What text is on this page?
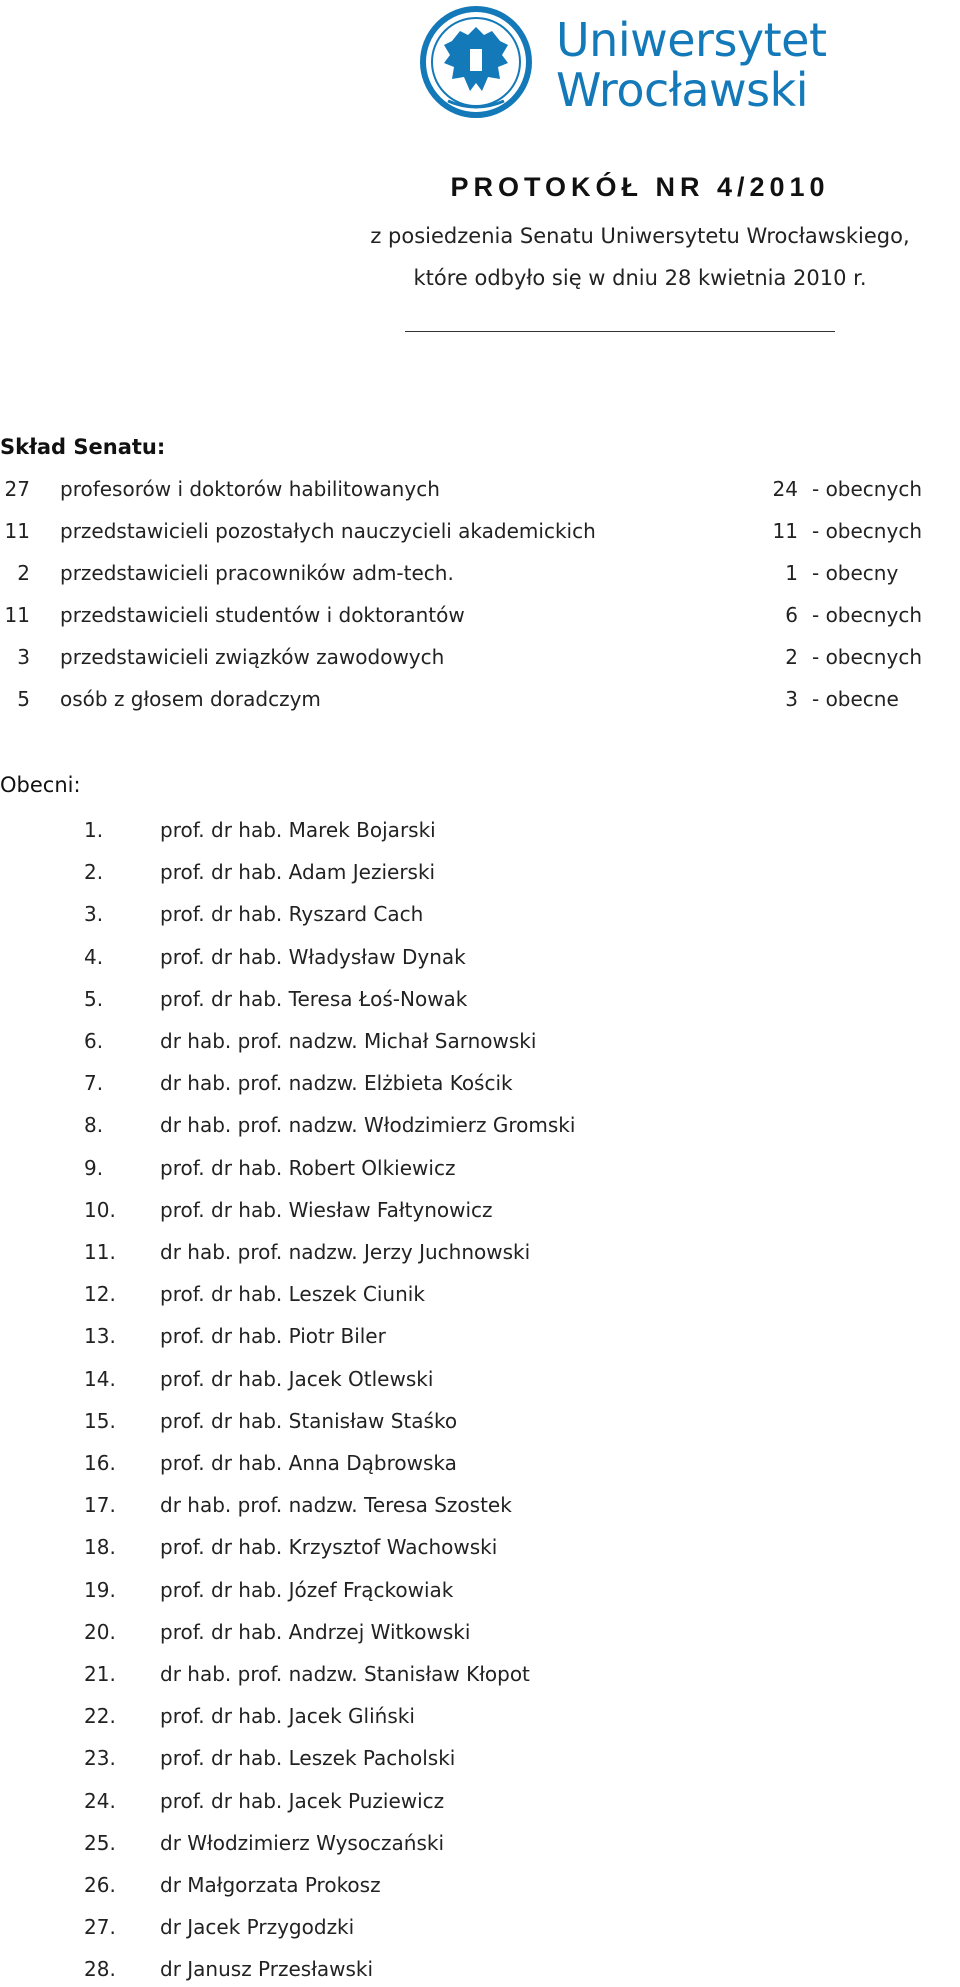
Uniwersytet
Wrocławski
PROTOKÓŁ NR 4/2010
z posiedzenia Senatu Uniwersytetu Wrocławskiego,
które odbyło się w dniu 28 kwietnia 2010 r.
Skład Senatu:
27 profesorów i doktorów habilitowanych	24 - obecnych
11 przedstawicieli pozostałych nauczycieli akademickich	11 - obecnych
2 przedstawicieli pracowników adm-tech.	1 - obecny
11 przedstawicieli studentów i doktorantów	6 - obecnych
3 przedstawicieli związków zawodowych	2 - obecnych
5 osób z głosem doradczym	3 - obecne
Obecni:
1.	prof. dr hab. Marek Bojarski
2.	prof. dr hab. Adam Jezierski
3.	prof. dr hab. Ryszard Cach
4.	prof. dr hab. Władysław Dynak
5.	prof. dr hab. Teresa Łoś-Nowak
6.	dr hab. prof. nadzw. Michał Sarnowski
7.	dr hab. prof. nadzw. Elżbieta Kościk
8.	dr hab. prof. nadzw. Włodzimierz Gromski
9.	prof. dr hab. Robert Olkiewicz
10.	prof. dr hab. Wiesław Fałtynowicz
11.	dr hab. prof. nadzw. Jerzy Juchnowski
12.	prof. dr hab. Leszek Ciunik
13.	prof. dr hab. Piotr Biler
14.	prof. dr hab. Jacek Otlewski
15.	prof. dr hab. Stanisław Staśko
16.	prof. dr hab. Anna Dąbrowska
17.	dr hab. prof. nadzw. Teresa Szostek
18.	prof. dr hab. Krzysztof Wachowski
19.	prof. dr hab. Józef Frąckowiak
20.	prof. dr hab. Andrzej Witkowski
21.	dr hab. prof. nadzw. Stanisław Kłopot
22.	prof. dr hab. Jacek Gliński
23.	prof. dr hab. Leszek Pacholski
24.	prof. dr hab. Jacek Puziewicz
25.	dr Włodzimierz Wysoczański
26.	dr Małgorzata Prokosz
27.	dr Jacek Przygodzki
28.	dr Janusz Przesławski
